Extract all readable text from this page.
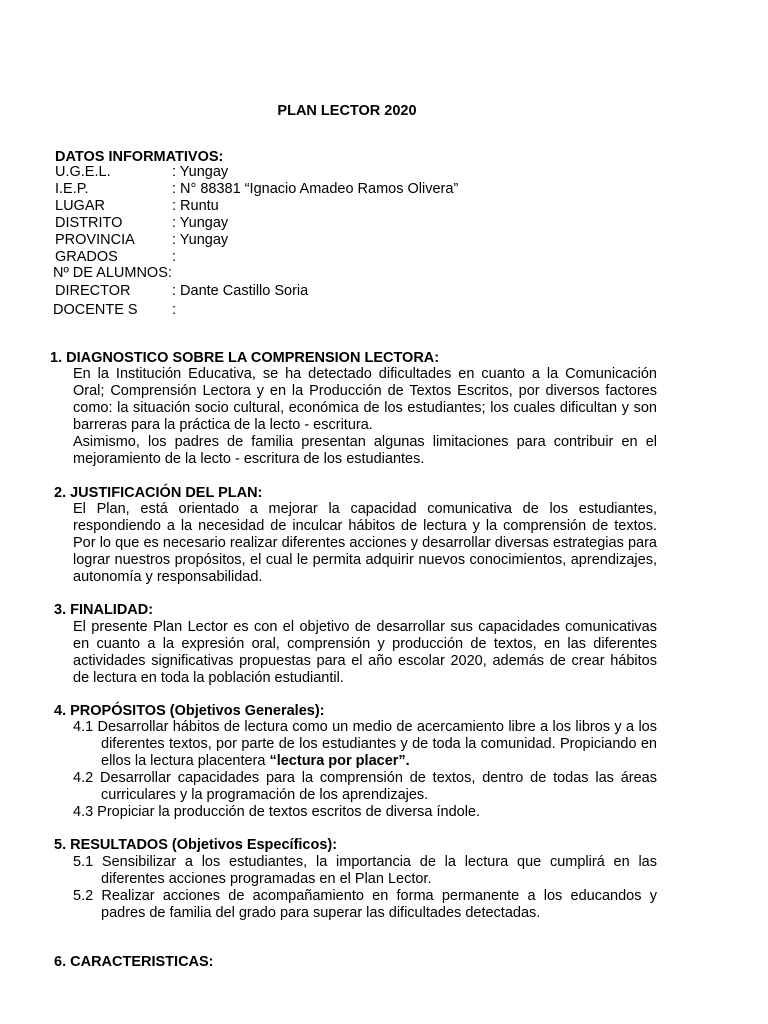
PLAN LECTOR 2020
DATOS INFORMATIVOS:
U.G.E.L.	: Yungay
I.E.P.	: N° 88381 “Ignacio Amadeo Ramos Olivera”
LUGAR	: Runtu
DISTRITO	: Yungay
PROVINCIA	: Yungay
GRADOS	:
Nº DE ALUMNOS:
DIRECTOR	: Dante Castillo Soria
DOCENTE S :
1. DIAGNOSTICO SOBRE LA COMPRENSION LECTORA:
En la Institución Educativa, se ha detectado dificultades en cuanto a la Comunicación Oral; Comprensión Lectora y en la Producción de Textos Escritos, por diversos factores como: la situación socio cultural, económica de los estudiantes; los cuales dificultan y son barreras para la práctica de la lecto - escritura.
Asimismo, los padres de familia presentan algunas limitaciones para contribuir en el mejoramiento de la lecto - escritura de los estudiantes.
2. JUSTIFICACIÓN DEL PLAN:
El Plan, está orientado a mejorar la capacidad comunicativa de los estudiantes, respondiendo a la necesidad de inculcar hábitos de lectura y la comprensión de textos. Por lo que es necesario realizar diferentes acciones y desarrollar diversas estrategias para lograr nuestros propósitos, el cual le permita adquirir nuevos conocimientos, aprendizajes, autonomía y responsabilidad.
3. FINALIDAD:
El presente Plan Lector es con el objetivo de desarrollar sus capacidades comunicativas en cuanto a la expresión oral, comprensión y producción de textos, en las diferentes actividades significativas propuestas para el año escolar 2020, además de crear hábitos de lectura en toda la población estudiantil.
4. PROPÓSITOS (Objetivos Generales):
4.1 Desarrollar hábitos de lectura como un medio de acercamiento libre a los libros y a los diferentes textos, por parte de los estudiantes y de toda la comunidad. Propiciando en ellos la lectura placentera “lectura por placer”.
4.2 Desarrollar capacidades para la comprensión de textos, dentro de todas las áreas curriculares y la programación de los aprendizajes.
4.3 Propiciar la producción de textos escritos de diversa índole.
5. RESULTADOS (Objetivos Específicos):
5.1 Sensibilizar a los estudiantes, la importancia de la lectura que cumplirá en las diferentes acciones programadas en el Plan Lector.
5.2 Realizar acciones de acompañamiento en forma permanente a los educandos y padres de familia del grado para superar las dificultades detectadas.
6. CARACTERISTICAS:
